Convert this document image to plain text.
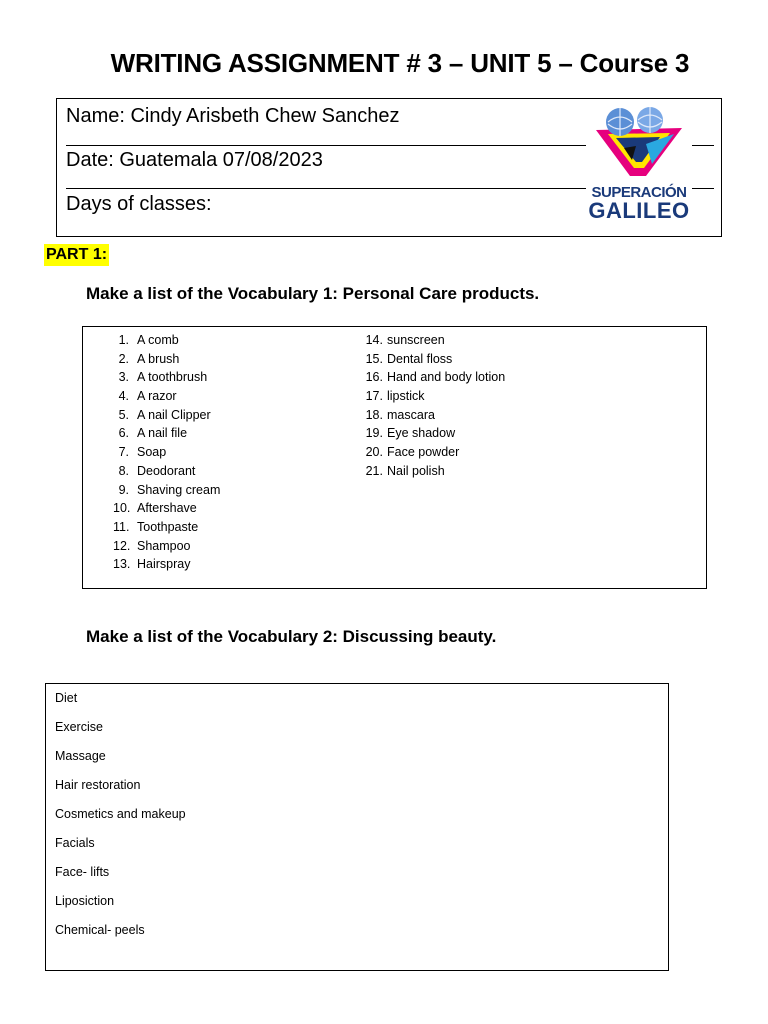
WRITING ASSIGNMENT # 3 – UNIT 5 – Course 3
Name: Cindy Arisbeth Chew Sanchez
Date: Guatemala 07/08/2023
Days of classes:
SUPERACIÓN
GALILEO
PART 1:
Make a list of the Vocabulary 1: Personal Care products.
1. A comb
2. A brush
3. A toothbrush
4. A razor
5. A nail Clipper
6. A nail file
7. Soap
8. Deodorant
9. Shaving cream
10. Aftershave
11. Toothpaste
12. Shampoo
13. Hairspray
14. sunscreen
15. Dental floss
16. Hand and body lotion
17. lipstick
18. mascara
19. Eye shadow
20. Face powder
21. Nail polish
Make a list of the Vocabulary 2: Discussing beauty.
Diet
Exercise
Massage
Hair restoration
Cosmetics and makeup
Facials
Face- lifts
Liposiction
Chemical- peels
